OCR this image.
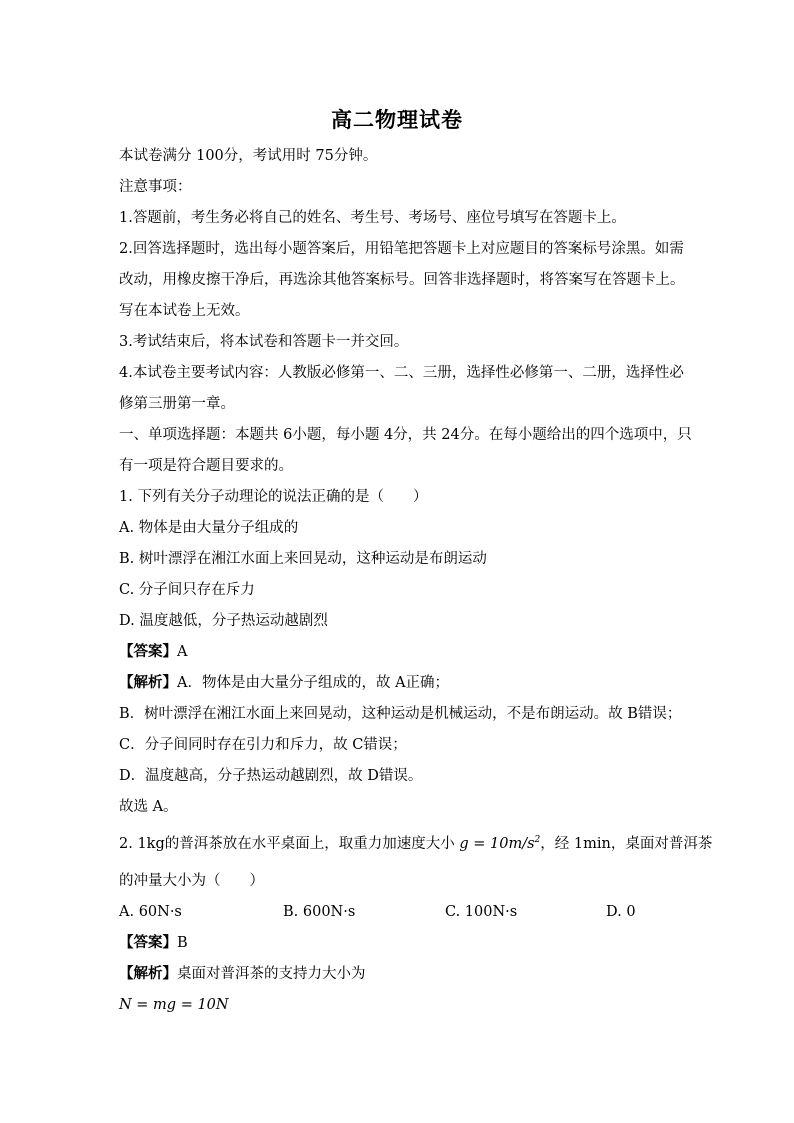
高二物理试卷
本试卷满分 100分，考试用时 75分钟。
注意事项：
1.答题前，考生务必将自己的姓名、考生号、考场号、座位号填写在答题卡上。
2.回答选择题时，选出每小题答案后，用铅笔把答题卡上对应题目的答案标号涂黑。如需
改动，用橡皮擦干净后，再选涂其他答案标号。回答非选择题时，将答案写在答题卡上。
写在本试卷上无效。
3.考试结束后，将本试卷和答题卡一并交回。
4.本试卷主要考试内容：人教版必修第一、二、三册，选择性必修第一、二册，选择性必
修第三册第一章。
一、单项选择题：本题共 6小题，每小题 4分，共 24分。在每小题给出的四个选项中，只
有一项是符合题目要求的。
1. 下列有关分子动理论的说法正确的是（　　）
A. 物体是由大量分子组成的
B. 树叶漂浮在湘江水面上来回晃动，这种运动是布朗运动
C. 分子间只存在斥力
D. 温度越低，分子热运动越剧烈
【答案】A
【解析】A．物体是由大量分子组成的，故 A正确；
B．树叶漂浮在湘江水面上来回晃动，这种运动是机械运动，不是布朗运动。故 B错误；
C．分子间同时存在引力和斥力，故 C错误；
D．温度越高，分子热运动越剧烈，故 D错误。
故选 A。
2. 1kg的普洱茶放在水平桌面上，取重力加速度大小 $g = 10m/s^2$，经 1min，桌面对普洱茶
的冲量大小为（　　）
A. 60N·s	B. 600N·s	C. 100N·s	D. 0
【答案】B
【解析】桌面对普洱茶的支持力大小为
N = mg = 10N
